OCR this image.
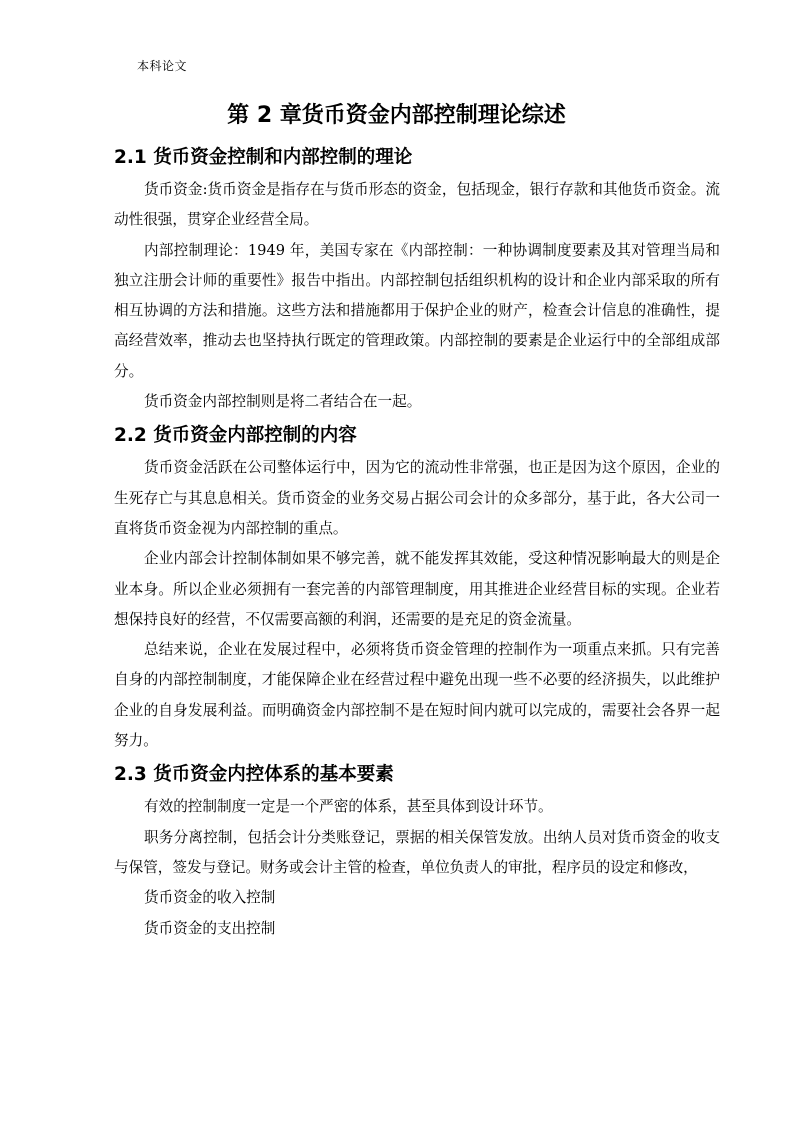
本科论文
第 2 章货币资金内部控制理论综述
2.1 货币资金控制和内部控制的理论

货币资金:货币资金是指存在与货币形态的资金，包括现金，银行存款和其他货币资金。流动性很强，贯穿企业经营全局。

内部控制理论：1949 年，美国专家在《内部控制：一种协调制度要素及其对管理当局和独立注册会计师的重要性》报告中指出。内部控制包括组织机构的设计和企业内部采取的所有相互协调的方法和措施。这些方法和措施都用于保护企业的财产，检查会计信息的准确性，提高经营效率，推动去也坚持执行既定的管理政策。内部控制的要素是企业运行中的全部组成部分。

货币资金内部控制则是将二者结合在一起。

2.2 货币资金内部控制的内容

货币资金活跃在公司整体运行中，因为它的流动性非常强，也正是因为这个原因，企业的生死存亡与其息息相关。货币资金的业务交易占据公司会计的众多部分，基于此，各大公司一直将货币资金视为内部控制的重点。

企业内部会计控制体制如果不够完善，就不能发挥其效能，受这种情况影响最大的则是企业本身。所以企业必须拥有一套完善的内部管理制度，用其推进企业经营目标的实现。企业若想保持良好的经营，不仅需要高额的利润，还需要的是充足的资金流量。

总结来说，企业在发展过程中，必须将货币资金管理的控制作为一项重点来抓。只有完善自身的内部控制制度，才能保障企业在经营过程中避免出现一些不必要的经济损失，以此维护企业的自身发展利益。而明确资金内部控制不是在短时间内就可以完成的，需要社会各界一起努力。

2.3 货币资金内控体系的基本要素

有效的控制制度一定是一个严密的体系，甚至具体到设计环节。

职务分离控制，包括会计分类账登记，票据的相关保管发放。出纳人员对货币资金的收支与保管，签发与登记。财务或会计主管的检查，单位负责人的审批，程序员的设定和修改，

货币资金的收入控制

货币资金的支出控制
